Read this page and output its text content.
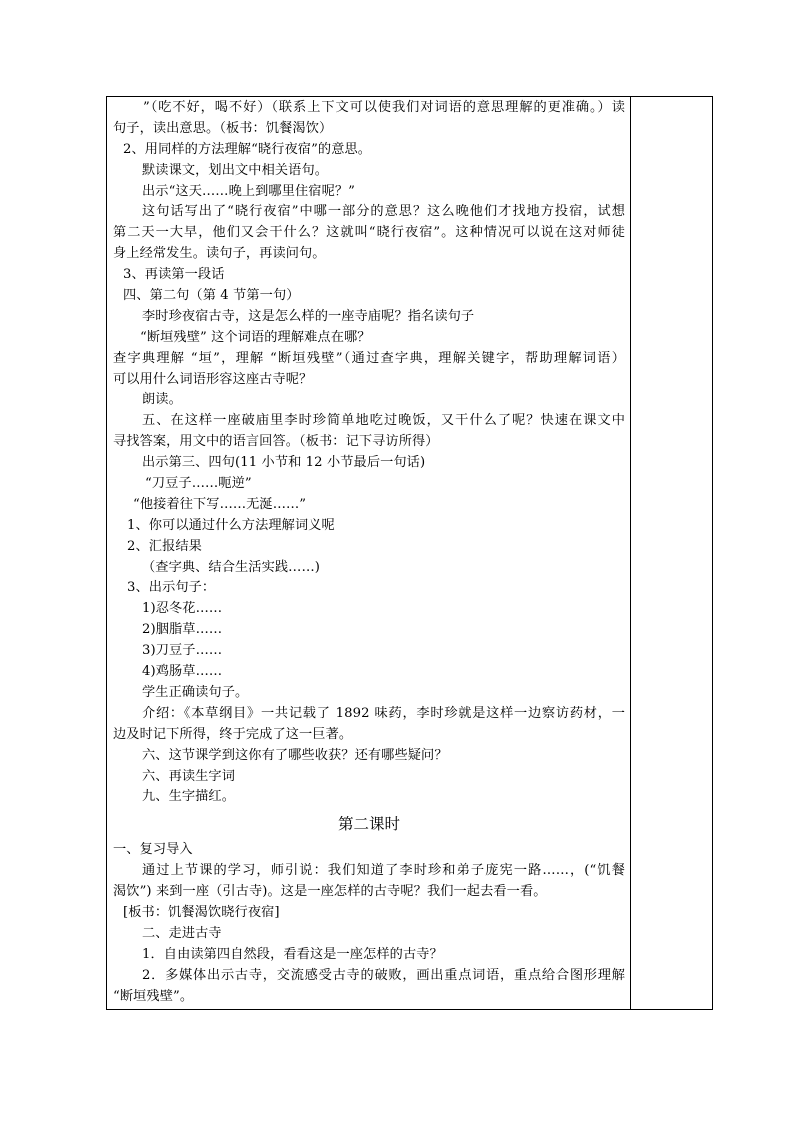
”（吃不好，喝不好）（联系上下文可以使我们对词语的意思理解的更准确。）读
句子，读出意思。（板书：饥餐渴饮）
2、用同样的方法理解“晓行夜宿”的意思。
默读课文，划出文中相关语句。
出示“这天……晚上到哪里住宿呢？”
这句话写出了“晓行夜宿”中哪一部分的意思？这么晚他们才找地方投宿，试想
第二天一大早，他们又会干什么？这就叫“晓行夜宿”。这种情况可以说在这对师徒
身上经常发生。读句子，再读问句。
3、再读第一段话
四、第二句（第 4 节第一句）
李时珍夜宿古寺，这是怎么样的一座寺庙呢？指名读句子
“断垣残壁” 这个词语的理解难点在哪？
查字典理解 “垣”，理解 “断垣残壁”（通过查字典，理解关键字，帮助理解词语）
可以用什么词语形容这座古寺呢？
朗读。
五、在这样一座破庙里李时珍简单地吃过晚饭，又干什么了呢？快速在课文中
寻找答案，用文中的语言回答。（板书：记下寻访所得）
出示第三、四句(11 小节和 12 小节最后一句话)
“刀豆子……呃逆”
“他接着往下写……无涎……”
1、你可以通过什么方法理解词义呢
2、汇报结果
（查字典、结合生活实践……)
3、出示句子：
1)忍冬花……
2)胭脂草……
3)刀豆子……
4)鸡肠草……
学生正确读句子。
介绍：《本草纲目》一共记载了 1892 味药，李时珍就是这样一边察访药材，一
边及时记下所得，终于完成了这一巨著。
六、这节课学到这你有了哪些收获？还有哪些疑问？
六、再读生字词
九、生字描红。
第二课时
一、复习导入
通过上节课的学习，师引说：我们知道了李时珍和弟子庞宪一路……，(“饥餐
渴饮”) 来到一座（引古寺)。这是一座怎样的古寺呢？我们一起去看一看。
[板书：饥餐渴饮晓行夜宿]
二、走进古寺
1．自由读第四自然段，看看这是一座怎样的古寺？
2．多媒体出示古寺，交流感受古寺的破败，画出重点词语，重点给合图形理解
“断垣残壁”。
